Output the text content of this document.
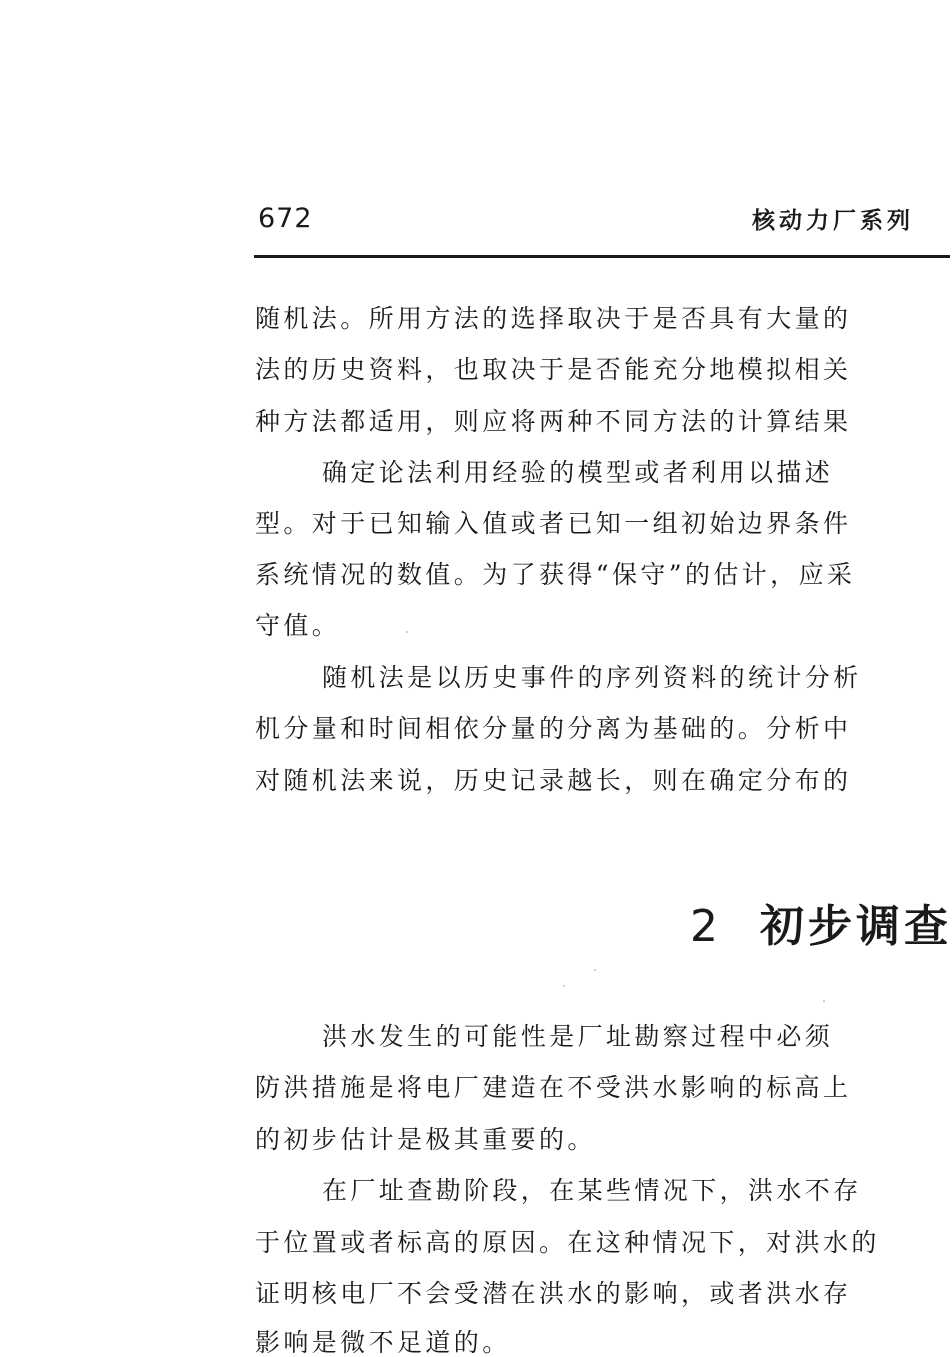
672	核动力厂系列
随机法。所用方法的选择取决于是否具有大量的
法的历史资料，也取决于是否能充分地模拟相关
种方法都适用，则应将两种不同方法的计算结果
确定论法利用经验的模型或者利用以描述
型。对于已知输入值或者已知一组初始边界条件
系统情况的数值。为了获得“保守”的估计，应采
守值。
随机法是以历史事件的序列资料的统计分析
机分量和时间相依分量的分离为基础的。分析中
对随机法来说，历史记录越长，则在确定分布的
2 初步调查
洪水发生的可能性是厂址勘察过程中必须
防洪措施是将电厂建造在不受洪水影响的标高上
的初步估计是极其重要的。
在厂址查勘阶段，在某些情况下，洪水不存
于位置或者标高的原因。在这种情况下，对洪水的
证明核电厂不会受潜在洪水的影响，或者洪水存
影响是微不足道的。
